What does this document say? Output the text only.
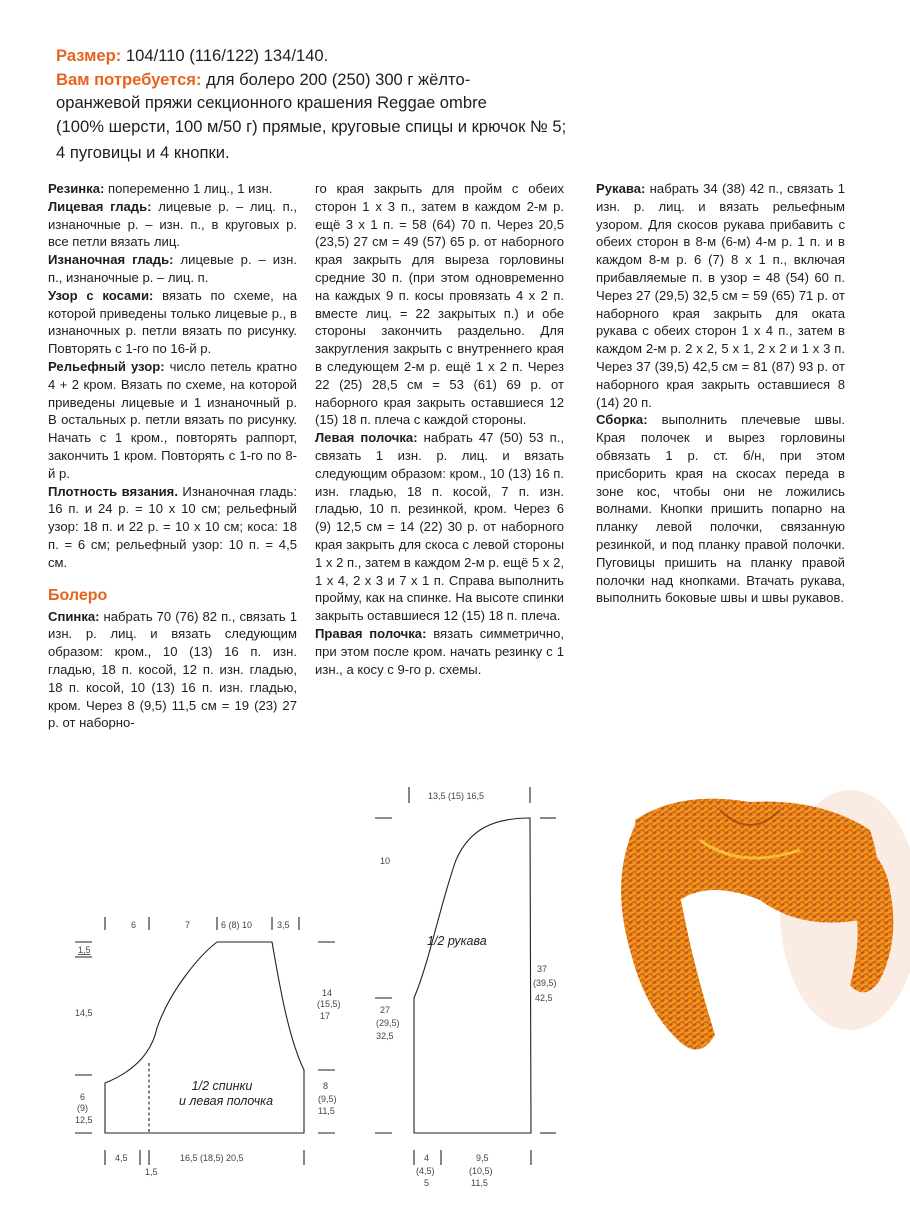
Размер: 104/110 (116/122) 134/140.
Вам потребуется: для болеро 200 (250) 300 г жёлто-
оранжевой пряжи секционного крашения Reggae ombre
(100% шерсти, 100 м/50 г) прямые, круговые спицы и крючок № 5;
4 пуговицы и 4 кнопки.

Резинка: попеременно 1 лиц., 1 изн.

Лицевая гладь: лицевые р. – лиц. п., изнаночные р. – изн. п., в круговых р. все петли вязать лиц.

Изнаночная гладь: лицевые р. – изн. п., изнаночные р. – лиц. п.

Узор с косами: вязать по схеме, на которой приведены только лицевые р., в изнаночных р. петли вязать по рисунку. Повторять с 1-го по 16-й р.

Рельефный узор: число петель кратно 4 + 2 кром. Вязать по схеме, на которой приведены лицевые и 1 изнаночный р. В остальных р. петли вязать по рисунку. Начать с 1 кром., повторять раппорт, закончить 1 кром. Повторять с 1-го по 8-й р.

Плотность вязания. Изнаночная гладь: 16 п. и 24 р. = 10 x 10 см; рельефный узор: 18 п. и 22 р. = 10 x 10 см; коса: 18 п. = 6 см; рельефный узор: 10 п. = 4,5 см.

Болеро

Спинка: набрать 70 (76) 82 п., связать 1 изн. р. лиц. и вязать следующим образом: кром., 10 (13) 16 п. изн. гладью, 18 п. косой, 12 п. изн. гладью, 18 п. косой, 10 (13) 16 п. изн. гладью, кром. Через 8 (9,5) 11,5 см = 19 (23) 27 р. от наборно-

го края закрыть для пройм с обеих сторон 1 x 3 п., затем в каждом 2-м р. ещё 3 x 1 п. = 58 (64) 70 п. Через 20,5 (23,5) 27 см = 49 (57) 65 р. от наборного края закрыть для выреза горловины средние 30 п. (при этом одновременно на каждых 9 п. косы провязать 4 x 2 п. вместе лиц. = 22 закрытых п.) и обе стороны закончить раздельно. Для закругления закрыть с внутреннего края в следующем 2-м р. ещё 1 x 2 п. Через 22 (25) 28,5 см = 53 (61) 69 р. от наборного края закрыть оставшиеся 12 (15) 18 п. плеча с каждой стороны.

Левая полочка: набрать 47 (50) 53 п., связать 1 изн. р. лиц. и вязать следующим образом: кром., 10 (13) 16 п. изн. гладью, 18 п. косой, 7 п. изн. гладью, 10 п. резинкой, кром. Через 6 (9) 12,5 см = 14 (22) 30 р. от наборного края закрыть для скоса с левой стороны 1 x 2 п., затем в каждом 2-м р. ещё 5 x 2, 1 x 4, 2 x 3 и 7 x 1 п. Справа выполнить пройму, как на спинке. На высоте спинки закрыть оставшиеся 12 (15) 18 п. плеча.

Правая полочка: вязать симметрично, при этом после кром. начать резинку с 1 изн., а косу с 9-го р. схемы.

Рукава: набрать 34 (38) 42 п., связать 1 изн. р. лиц. и вязать рельефным узором. Для скосов рукава прибавить с обеих сторон в 8-м (6-м) 4-м р. 1 п. и в каждом 8-м р. 6 (7) 8 x 1 п., включая прибавляемые п. в узор = 48 (54) 60 п. Через 27 (29,5) 32,5 см = 59 (65) 71 р. от наборного края закрыть для оката рукава с обеих сторон 1 x 4 п., затем в каждом 2-м р. 2 x 2, 5 x 1, 2 x 2 и 1 x 3 п. Через 37 (39,5) 42,5 см = 81 (87) 93 р. от наборного края закрыть оставшиеся 8 (14) 20 п.

Сборка: выполнить плечевые швы. Края полочек и вырез горловины обвязать 1 р. ст. б/н, при этом присборить края на скосах переда в зоне кос, чтобы они не ложились волнами. Кнопки пришить попарно на планку левой полочки, связанную резинкой, и под планку правой полочки. Пуговицы пришить на планку правой полочки над кнопками. Втачать рукава, выполнить боковые швы и швы рукавов.

1/2 спинки
и левая полочка
6	7	6 (8) 10	3,5
1,5
14,5
6
(9)
12,5
14
(15,5)
17
8
(9,5)
11,5
4,5
1,5
16,5 (18,5) 20,5
1/2 рукава
13,5 (15) 16,5
10
27
(29,5)
32,5
37
(39,5)
42,5
4
(4,5)
5
9,5
(10,5)
11,5
